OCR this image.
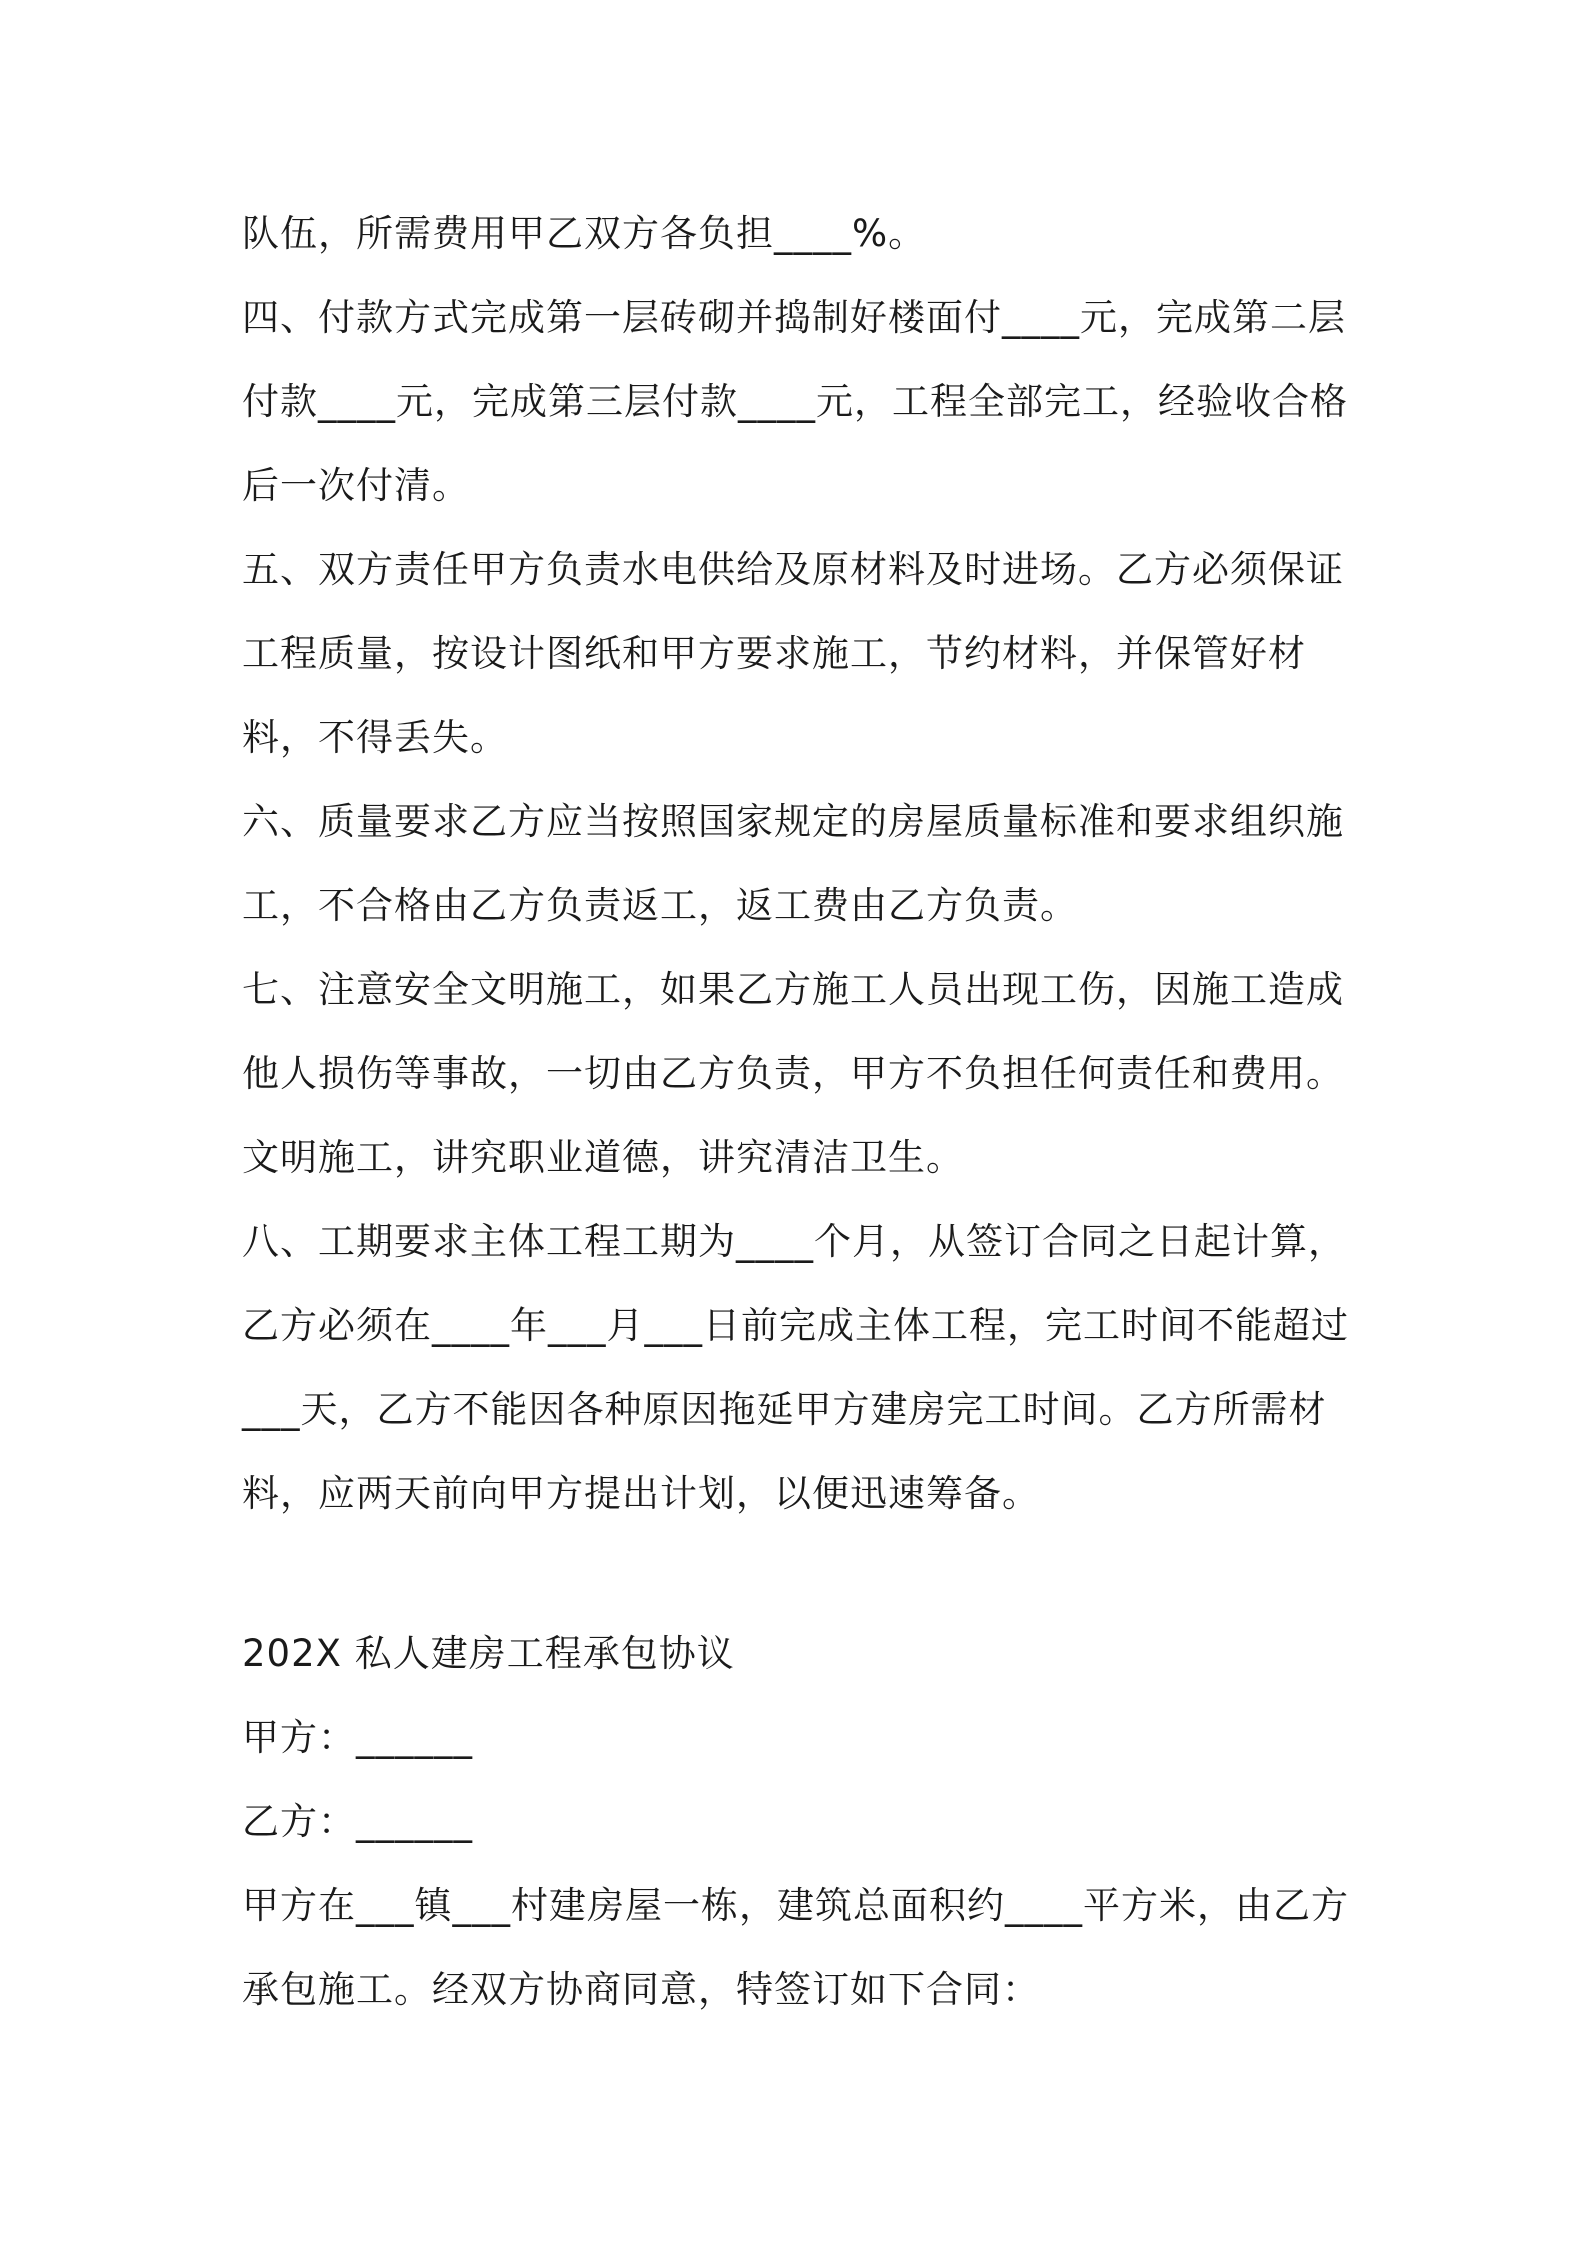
队伍，所需费用甲乙双方各负担____%。

四、付款方式完成第一层砖砌并捣制好楼面付____元，完成第二层付款____元，完成第三层付款____元，工程全部完工，经验收合格后一次付清。

五、双方责任甲方负责水电供给及原材料及时进场。乙方必须保证工程质量，按设计图纸和甲方要求施工，节约材料，并保管好材料，不得丢失。

六、质量要求乙方应当按照国家规定的房屋质量标准和要求组织施工，不合格由乙方负责返工，返工费由乙方负责。

七、注意安全文明施工，如果乙方施工人员出现工伤，因施工造成他人损伤等事故，一切由乙方负责，甲方不负担任何责任和费用。文明施工，讲究职业道德，讲究清洁卫生。

八、工期要求主体工程工期为____个月，从签订合同之日起计算，乙方必须在____年___月___日前完成主体工程，完工时间不能超过___天，乙方不能因各种原因拖延甲方建房完工时间。乙方所需材料，应两天前向甲方提出计划，以便迅速筹备。

202X 私人建房工程承包协议

甲方：______

乙方：______

甲方在___镇___村建房屋一栋，建筑总面积约____平方米，由乙方承包施工。经双方协商同意，特签订如下合同：
